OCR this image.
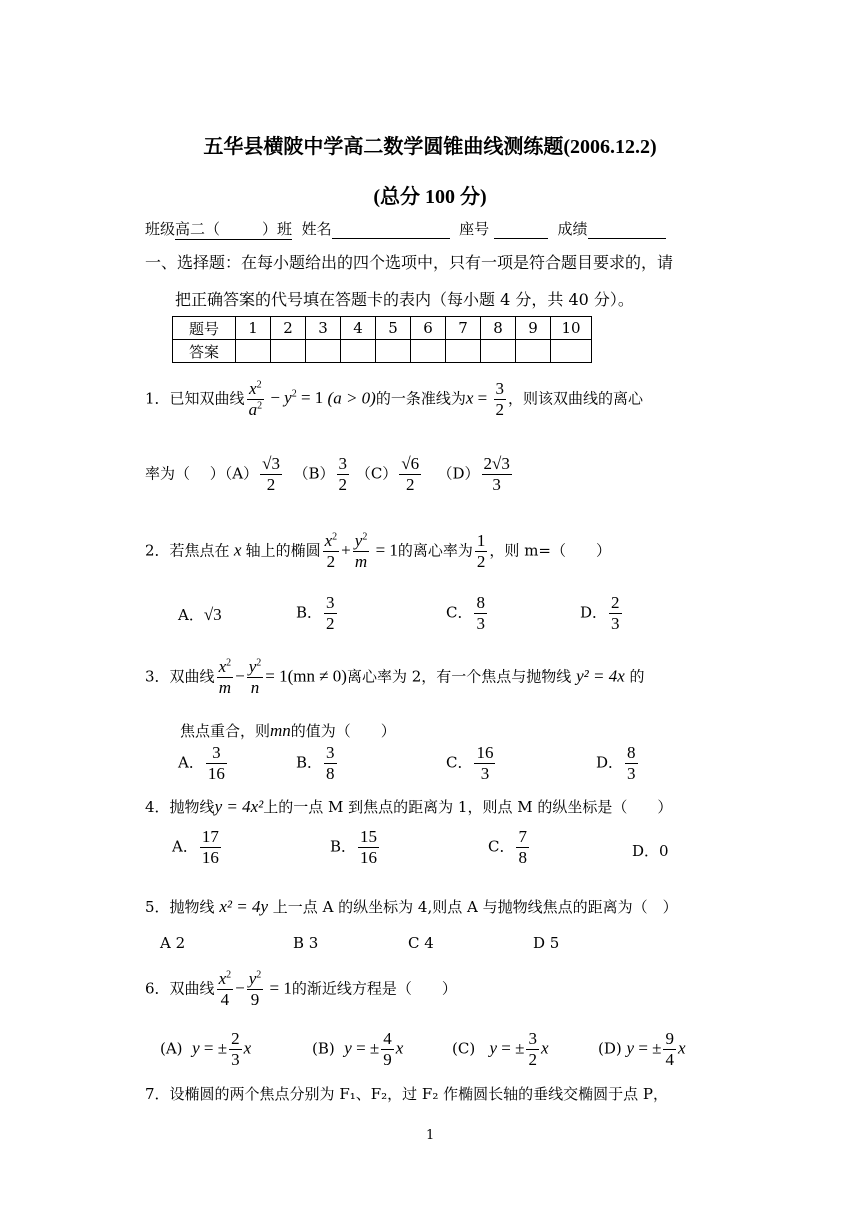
五华县横陂中学高二数学圆锥曲线测练题(2006.12.2)
(总分 100 分)
班级高二（	）班 姓名	座号	成绩
一、选择题：在每小题给出的四个选项中，只有一项是符合题目要求的，请
把正确答案的代号填在答题卡的表内（每小题 4 分，共 40 分）。
题号	1	2	3	4	5	6	7	8	9	10
答案										
1．已知双曲线 $\frac{x^2}{a^2} - y^2 = 1$ (a > 0)的一条准线为$x = \frac{3}{2}$ ，则该双曲线的离心
率为（　 ）$(A) \frac{√3}{2} (B) \frac{3}{2} (C) \frac{√6}{2} (D) \frac{2√3}{3}$
2．若焦点在 x 轴上的椭圆 $\frac{x^2}{2} + \frac{y^2}{m} = 1$的离心率为 $\frac{1}{2}$ ，则 m=（　　）
A．√3	B． $\frac{3}{2}$	C． $\frac{8}{3}$	D． $\frac{2}{3}$
3．双曲线 $\frac{x^2}{m} - \frac{y^2}{n} = 1(mn \ne 0)$离心率为 2，有一个焦点与抛物线 y² = 4x 的
焦点重合，则mn的值为（　　）
A． $\frac{3}{16}$	B． $\frac{3}{8}$	C． $\frac{16}{3}$	D． $\frac{8}{3}$
4．抛物线y = 4x²上的一点 M 到焦点的距离为 1，则点 M 的纵坐标是（　　）
A． $\frac{17}{16}$	B． $\frac{15}{16}$	C． $\frac{7}{8}$	D．0
5．抛物线 x² = 4y 上一点 A 的纵坐标为 4,则点 A 与抛物线焦点的距离为（　）
A 2	B 3	C 4	D 5
6．双曲线 $\frac{x^2}{4} - \frac{y^2}{9} = 1$的渐近线方程是（　　）
(A) y = ± $\frac{2}{3}$ x	(B) y = ± $\frac{4}{9}$ x	(C) y = ± $\frac{3}{2}$ x	(D) y = ± $\frac{9}{4}$ x
7．设椭圆的两个焦点分别为 F₁、F₂，过 F₂ 作椭圆长轴的垂线交椭圆于点 P，
1
